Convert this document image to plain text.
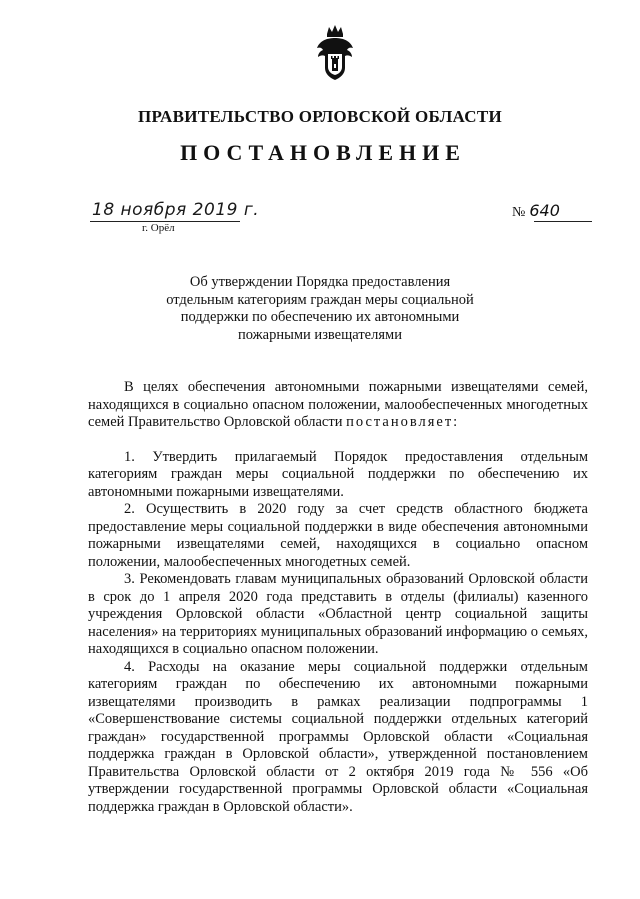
ПРАВИТЕЛЬСТВО ОРЛОВСКОЙ ОБЛАСТИ
ПОСТАНОВЛЕНИЕ
18 ноября 2019 г.
г. Орёл
№ 640
Об утверждении Порядка предоставления
отдельным категориям граждан меры социальной
поддержки по обеспечению их автономными
пожарными извещателями

В целях обеспечения автономными пожарными извещателями семей, находящихся в социально опасном положении, малообеспеченных многодетных семей Правительство Орловской области постановляет:

1. Утвердить прилагаемый Порядок предоставления отдельным категориям граждан меры социальной поддержки по обеспечению их автономными пожарными извещателями.

2. Осуществить в 2020 году за счет средств областного бюджета предоставление меры социальной поддержки в виде обеспечения автономными пожарными извещателями семей, находящихся в социально опасном положении, малообеспеченных многодетных семей.

3. Рекомендовать главам муниципальных образований Орловской области в срок до 1 апреля 2020 года представить в отделы (филиалы) казенного учреждения Орловской области «Областной центр социальной защиты населения» на территориях муниципальных образований информацию о семьях, находящихся в социально опасном положении.

4. Расходы на оказание меры социальной поддержки отдельным категориям граждан по обеспечению их автономными пожарными извещателями производить в рамках реализации подпрограммы 1 «Совершенствование системы социальной поддержки отдельных категорий граждан» государственной программы Орловской области «Социальная поддержка граждан в Орловской области», утвержденной постановлением Правительства Орловской области от 2 октября 2019 года № 556 «Об утверждении государственной программы Орловской области «Социальная поддержка граждан в Орловской области».
